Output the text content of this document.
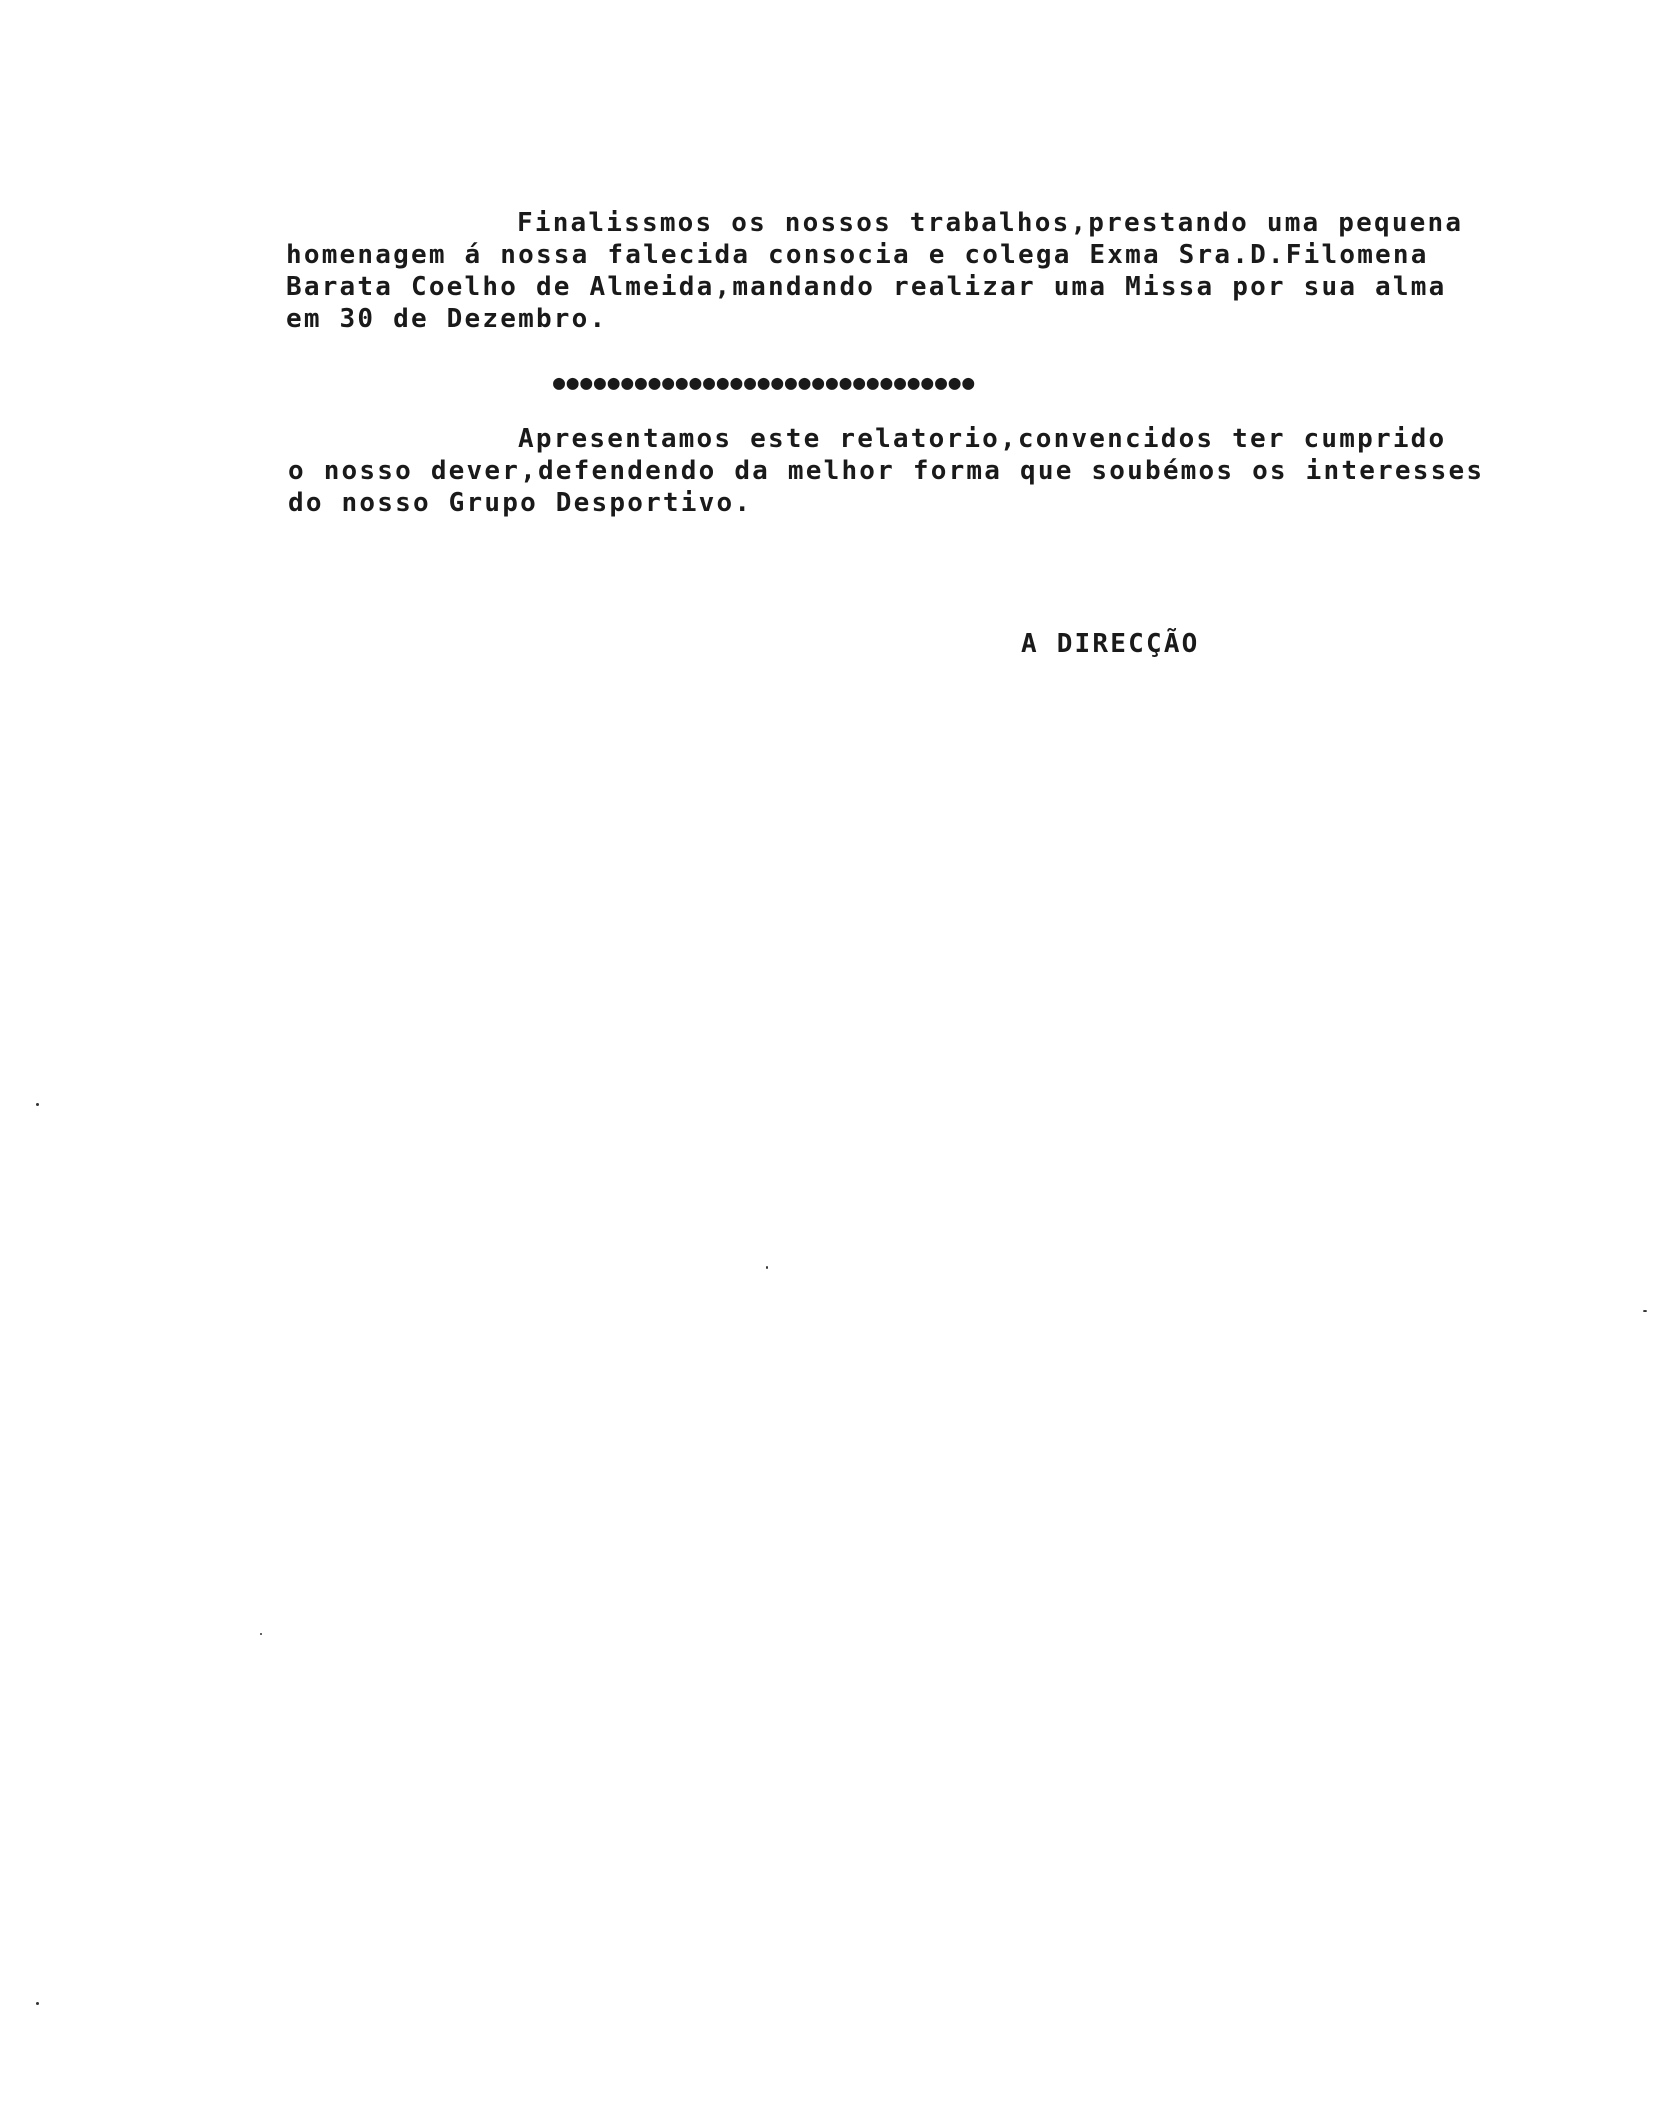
Finalissmos os nossos trabalhos,prestando uma pequena
homenagem á nossa falecida consocia e colega Exma Sra.D.Filomena
Barata Coelho de Almeida,mandando realizar uma Missa por sua alma
em 30 de Dezembro.
●●●●●●●●●●●●●●●●●●●●●●●●●●●●●●●
Apresentamos este relatorio,convencidos ter cumprido
o nosso dever,defendendo da melhor forma que soubémos os interesses
do nosso Grupo Desportivo.
A DIRECÇÃO
